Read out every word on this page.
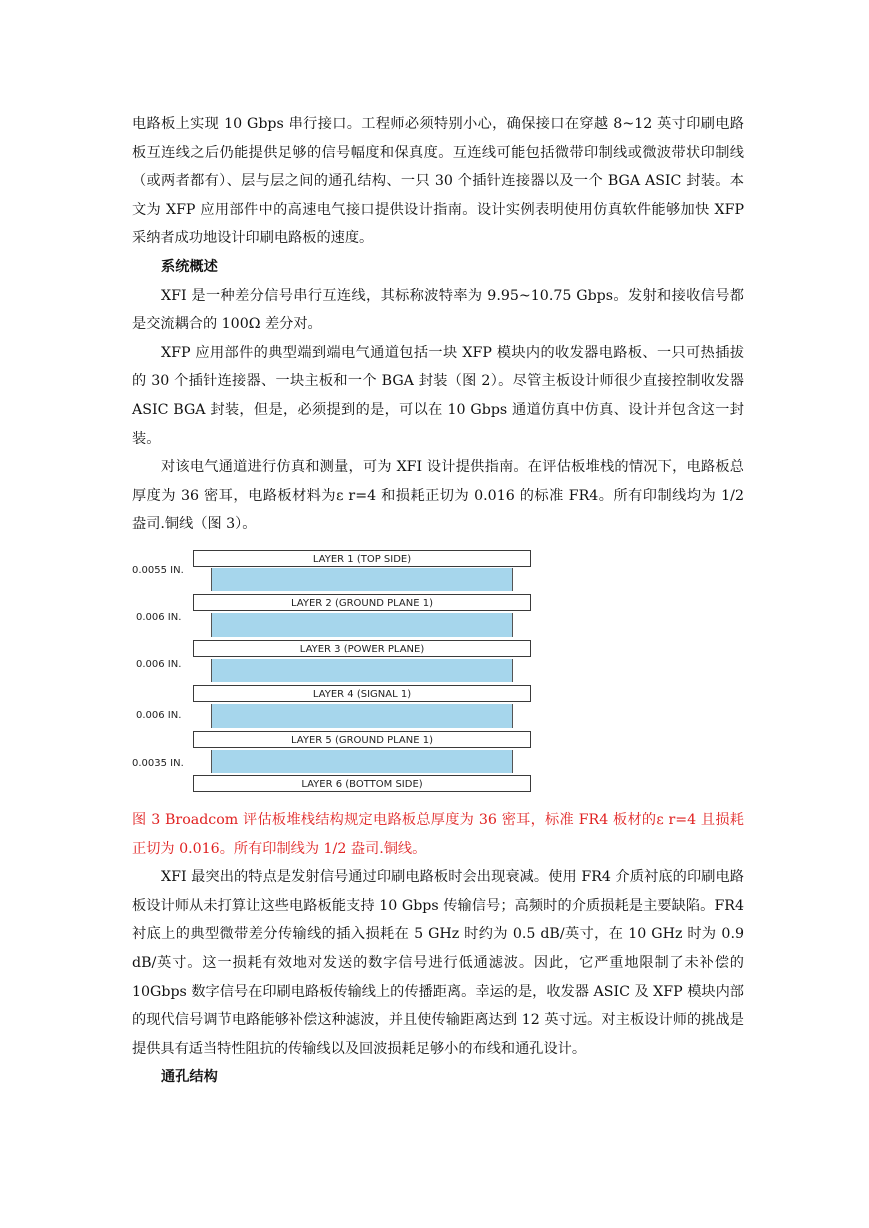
电路板上实现 10 Gbps 串行接口。工程师必须特别小心，确保接口在穿越 8~12 英寸印刷电路板互连线之后仍能提供足够的信号幅度和保真度。互连线可能包括微带印制线或微波带状印制线（或两者都有）、层与层之间的通孔结构、一只 30 个插针连接器以及一个 BGA ASIC 封装。本文为 XFP 应用部件中的高速电气接口提供设计指南。设计实例表明使用仿真软件能够加快 XFP 采纳者成功地设计印刷电路板的速度。

系统概述

XFI 是一种差分信号串行互连线，其标称波特率为 9.95~10.75 Gbps。发射和接收信号都是交流耦合的 100Ω 差分对。

XFP 应用部件的典型端到端电气通道包括一块 XFP 模块内的收发器电路板、一只可热插拔的 30 个插针连接器、一块主板和一个 BGA 封装（图 2）。尽管主板设计师很少直接控制收发器 ASIC BGA 封装，但是，必须提到的是，可以在 10 Gbps 通道仿真中仿真、设计并包含这一封装。

对该电气通道进行仿真和测量，可为 XFI 设计提供指南。在评估板堆栈的情况下，电路板总厚度为 36 密耳，电路板材料为ε r=4 和损耗正切为 0.016 的标准 FR4。所有印制线均为 1/2 盎司.铜线（图 3）。

LAYER 1 (TOP SIDE)
LAYER 2 (GROUND PLANE 1)
LAYER 3 (POWER PLANE)
LAYER 4 (SIGNAL 1)
LAYER 5 (GROUND PLANE 1)
LAYER 6 (BOTTOM SIDE)
0.0055 IN.
0.006 IN.
0.006 IN.
0.006 IN.
0.0035 IN.

图 3 Broadcom 评估板堆栈结构规定电路板总厚度为 36 密耳，标准 FR4 板材的ε r=4 且损耗正切为 0.016。所有印制线为 1/2 盎司.铜线。

XFI 最突出的特点是发射信号通过印刷电路板时会出现衰减。使用 FR4 介质衬底的印刷电路板设计师从未打算让这些电路板能支持 10 Gbps 传输信号；高频时的介质损耗是主要缺陷。FR4 衬底上的典型微带差分传输线的插入损耗在 5 GHz 时约为 0.5 dB/英寸，在 10 GHz 时为 0.9 dB/英寸。这一损耗有效地对发送的数字信号进行低通滤波。因此，它严重地限制了未补偿的 10Gbps 数字信号在印刷电路板传输线上的传播距离。幸运的是，收发器 ASIC 及 XFP 模块内部的现代信号调节电路能够补偿这种滤波，并且使传输距离达到 12 英寸远。对主板设计师的挑战是提供具有适当特性阻抗的传输线以及回波损耗足够小的布线和通孔设计。

通孔结构
